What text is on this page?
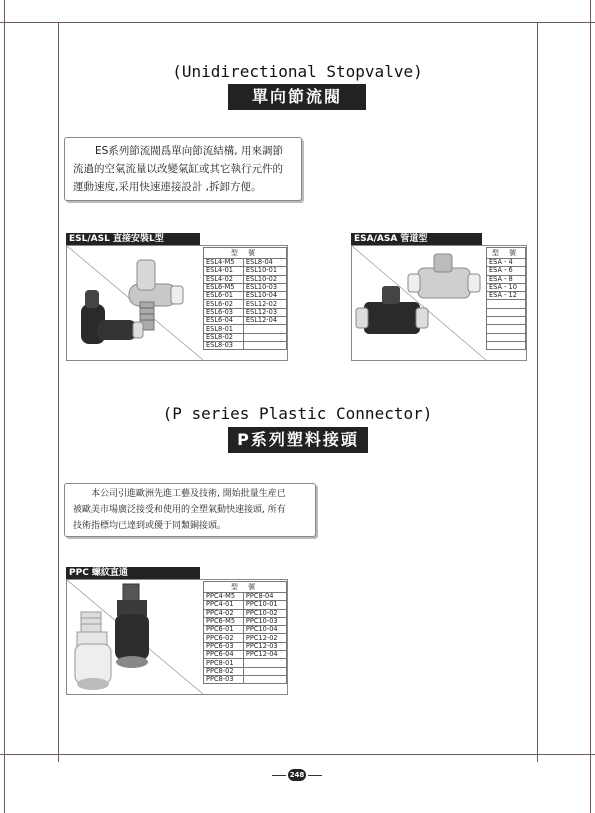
(Unidirectional Stopvalve)
單向節流閥

ES系列節流閥爲單向節流結構, 用來調節

流過的空氣流量以改變氣缸或其它執行元件的

運動速度,采用快速連接設計 ,拆卸方便。

ESL/ASL 直接安裝L型
型 號	
ESL4-M5	ESL8-04
ESL4-01	ESL10-01
ESL4-02	ESL10-02
ESL6-M5	ESL10-03
ESL6-01	ESL10-04
ESL6-02	ESL12-02
ESL6-03	ESL12-03
ESL6-04	ESL12-04
ESL8-01	
ESL8-02	
ESL8-03	
ESA/ASA 管道型
型 號
ESA - 4
ESA - 6
ESA - 8
ESA - 10
ESA - 12

(P series Plastic Connector)
P系列塑料接頭

本公司引進歐洲先進工藝及技術, 開始批量生産已

被歐美市場廣泛接受和使用的全塑氣動快速接頭, 所有

技術指標均已達到或優于同類銅接頭。

PPC 螺紋直通
型 號	
PPC4-M5	PPC8-04
PPC4-01	PPC10-01
PPC4-02	PPC10-02
PPC6-M5	PPC10-03
PPC6-01	PPC10-04
PPC6-02	PPC12-02
PPC6-03	PPC12-03
PPC6-04	PPC12-04
PPC8-01	
PPC8-02	
PPC8-03	
248
